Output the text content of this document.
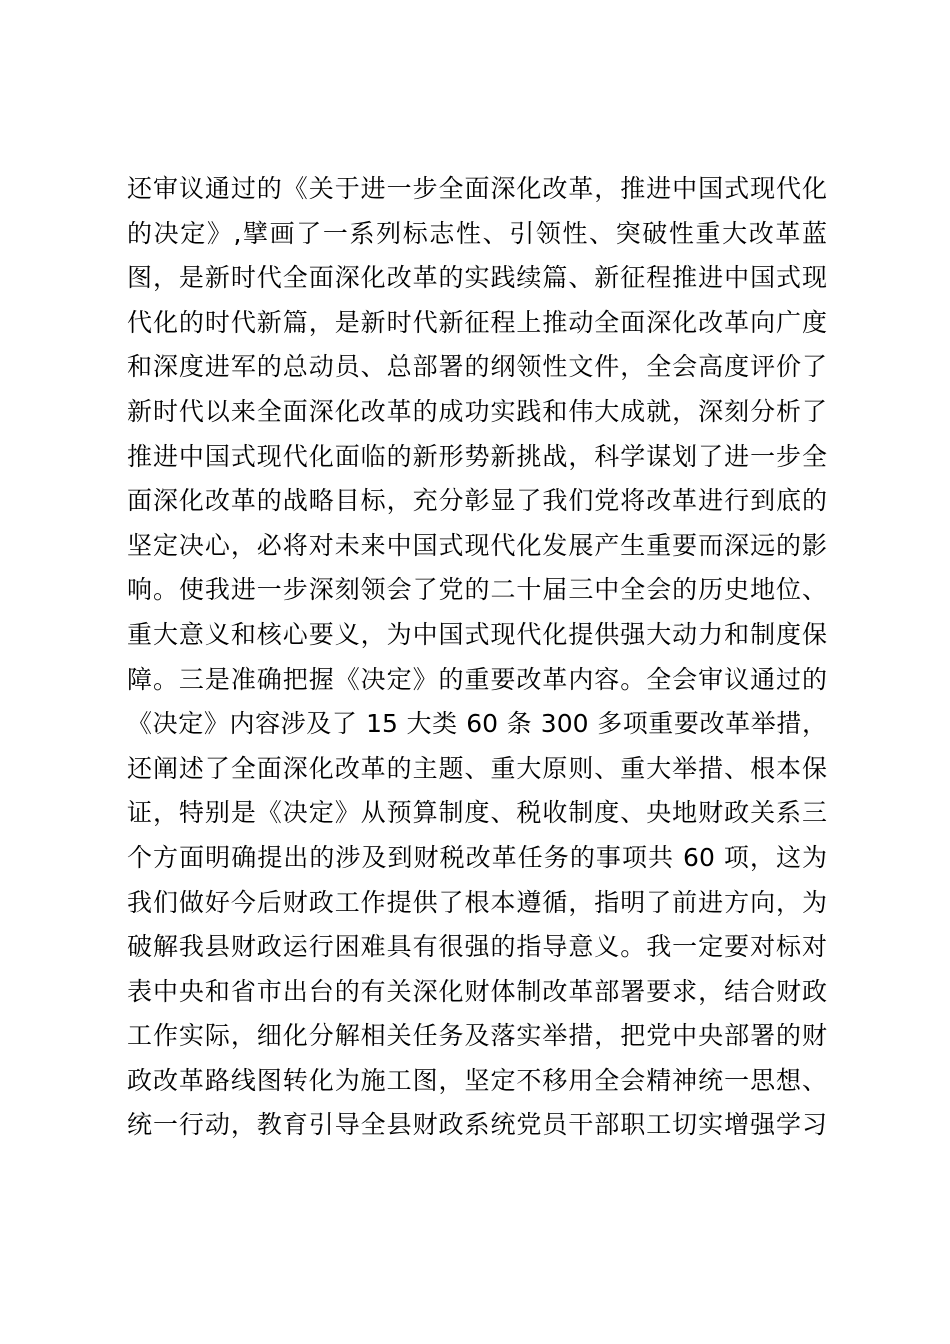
还审议通过的《关于进一步全面深化改革，推进中国式现代化
的决定》,擘画了一系列标志性、引领性、突破性重大改革蓝
图，是新时代全面深化改革的实践续篇、新征程推进中国式现
代化的时代新篇，是新时代新征程上推动全面深化改革向广度
和深度进军的总动员、总部署的纲领性文件，全会高度评价了
新时代以来全面深化改革的成功实践和伟大成就，深刻分析了
推进中国式现代化面临的新形势新挑战，科学谋划了进一步全
面深化改革的战略目标，充分彰显了我们党将改革进行到底的
坚定决心，必将对未来中国式现代化发展产生重要而深远的影
响。使我进一步深刻领会了党的二十届三中全会的历史地位、
重大意义和核心要义，为中国式现代化提供强大动力和制度保
障。三是准确把握《决定》的重要改革内容。全会审议通过的
《决定》内容涉及了 15 大类 60 条 300 多项重要改革举措，
还阐述了全面深化改革的主题、重大原则、重大举措、根本保
证，特别是《决定》从预算制度、税收制度、央地财政关系三
个方面明确提出的涉及到财税改革任务的事项共 60 项，这为
我们做好今后财政工作提供了根本遵循，指明了前进方向，为
破解我县财政运行困难具有很强的指导意义。我一定要对标对
表中央和省市出台的有关深化财体制改革部署要求，结合财政
工作实际，细化分解相关任务及落实举措，把党中央部署的财
政改革路线图转化为施工图，坚定不移用全会精神统一思想、
统一行动，教育引导全县财政系统党员干部职工切实增强学习
